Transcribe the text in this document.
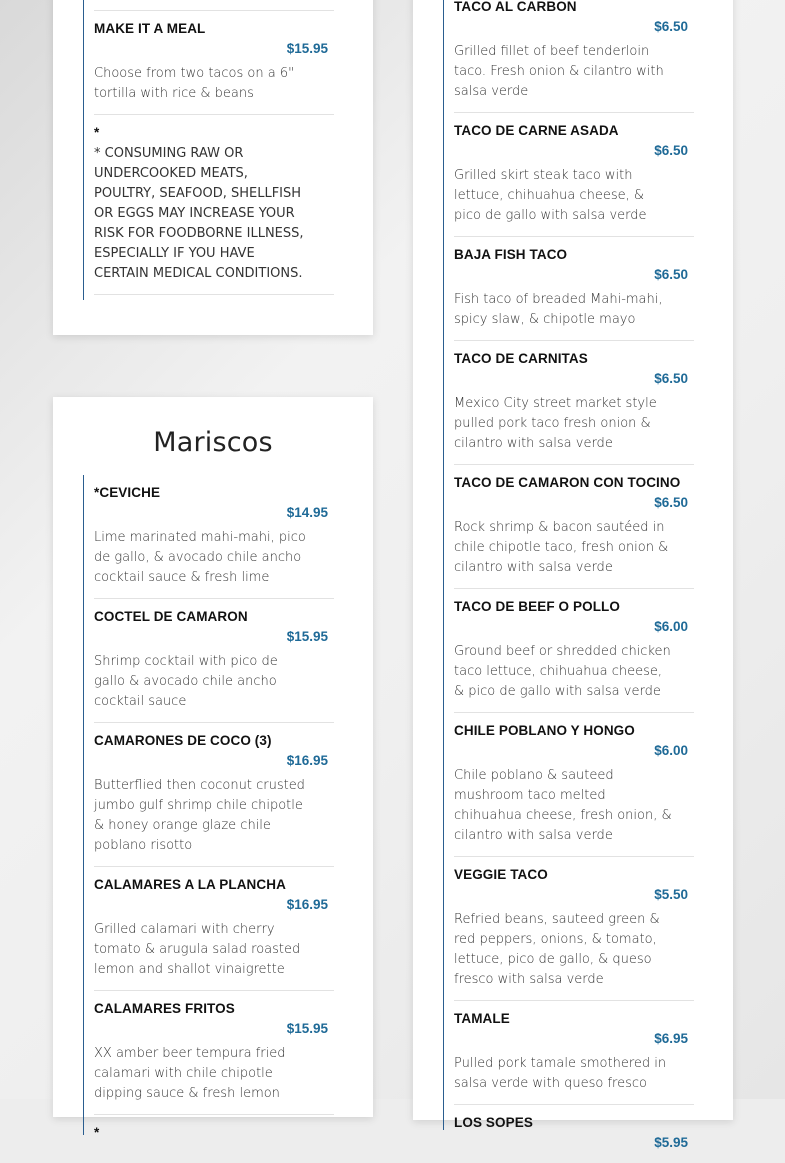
MAKE IT A MEAL
$15.95
Choose from two tacos on a 6" tortilla with rice & beans
*
* CONSUMING RAW OR UNDERCOOKED MEATS, POULTRY, SEAFOOD, SHELLFISH OR EGGS MAY INCREASE YOUR RISK FOR FOODBORNE ILLNESS, ESPECIALLY IF YOU HAVE CERTAIN MEDICAL CONDITIONS.
Mariscos
*CEVICHE
$14.95
Lime marinated mahi-mahi, pico de gallo, & avocado chile ancho cocktail sauce & fresh lime
COCTEL DE CAMARON
$15.95
Shrimp cocktail with pico de gallo & avocado chile ancho cocktail sauce
CAMARONES DE COCO (3)
$16.95
Butterflied then coconut crusted jumbo gulf shrimp chile chipotle & honey orange glaze chile poblano risotto
CALAMARES A LA PLANCHA
$16.95
Grilled calamari with cherry tomato & arugula salad roasted lemon and shallot vinaigrette
CALAMARES FRITOS
$15.95
XX amber beer tempura fried calamari with chile chipotle dipping sauce & fresh lemon
*
TACO AL CARBON
$6.50
Grilled fillet of beef tenderloin taco. Fresh onion & cilantro with salsa verde
TACO DE CARNE ASADA
$6.50
Grilled skirt steak taco with lettuce, chihuahua cheese, & pico de gallo with salsa verde
BAJA FISH TACO
$6.50
Fish taco of breaded Mahi-mahi, spicy slaw, & chipotle mayo
TACO DE CARNITAS
$6.50
Mexico City street market style pulled pork taco fresh onion & cilantro with salsa verde
TACO DE CAMARON CON TOCINO
$6.50
Rock shrimp & bacon sautéed in chile chipotle taco, fresh onion & cilantro with salsa verde
TACO DE BEEF O POLLO
$6.00
Ground beef or shredded chicken taco lettuce, chihuahua cheese, & pico de gallo with salsa verde
CHILE POBLANO Y HONGO
$6.00
Chile poblano & sauteed mushroom taco melted chihuahua cheese, fresh onion, & cilantro with salsa verde
VEGGIE TACO
$5.50
Refried beans, sauteed green & red peppers, onions, & tomato, lettuce, pico de gallo, & queso fresco with salsa verde
TAMALE
$6.95
Pulled pork tamale smothered in salsa verde with queso fresco
LOS SOPES
$5.95
